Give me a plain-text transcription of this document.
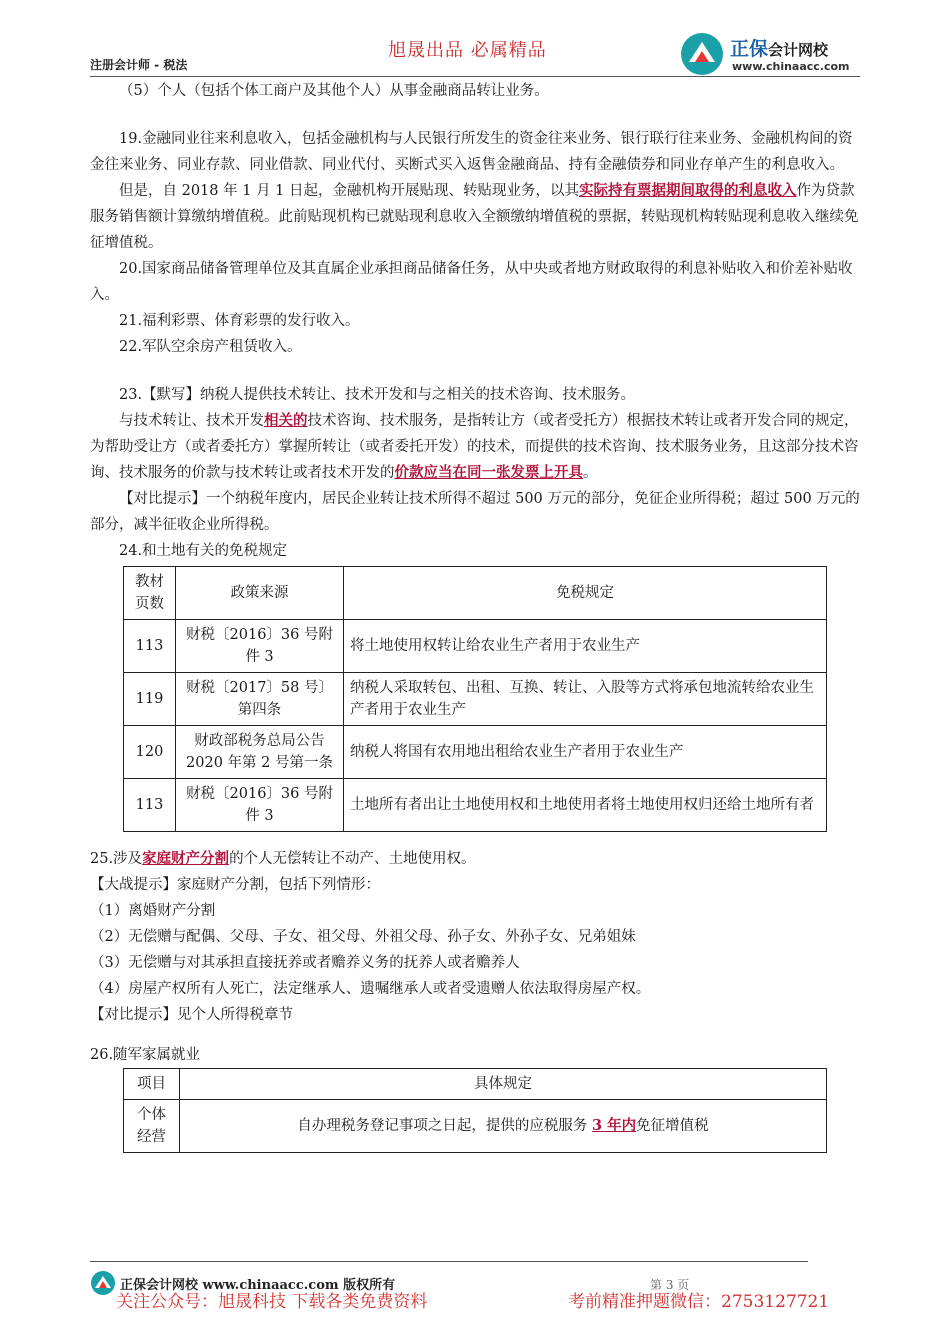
注册会计师 - 税法
旭晟出品 必属精品	正保会计网校
www.chinaacc.com

（5）个人（包括个体工商户及其他个人）从事金融商品转让业务。

19.金融同业往来利息收入，包括金融机构与人民银行所发生的资金往来业务、银行联行往来业务、金融机构间的资金往来业务、同业存款、同业借款、同业代付、买断式买入返售金融商品、持有金融债券和同业存单产生的利息收入。

但是，自 2018 年 1 月 1 日起，金融机构开展贴现、转贴现业务，以其实际持有票据期间取得的利息收入作为贷款服务销售额计算缴纳增值税。此前贴现机构已就贴现利息收入全额缴纳增值税的票据，转贴现机构转贴现利息收入继续免征增值税。

20.国家商品储备管理单位及其直属企业承担商品储备任务，从中央或者地方财政取得的利息补贴收入和价差补贴收入。

21.福利彩票、体育彩票的发行收入。

22.军队空余房产租赁收入。

23.【默写】纳税人提供技术转让、技术开发和与之相关的技术咨询、技术服务。

与技术转让、技术开发相关的技术咨询、技术服务，是指转让方（或者受托方）根据技术转让或者开发合同的规定，为帮助受让方（或者委托方）掌握所转让（或者委托开发）的技术，而提供的技术咨询、技术服务业务，且这部分技术咨询、技术服务的价款与技术转让或者技术开发的价款应当在同一张发票上开具。

【对比提示】一个纳税年度内，居民企业转让技术所得不超过 500 万元的部分，免征企业所得税；超过 500 万元的部分，减半征收企业所得税。

24.和土地有关的免税规定

教材页数	政策来源	免税规定
113	财税〔2016〕36 号附件 3	将土地使用权转让给农业生产者用于农业生产
119	财税〔2017〕58 号〕第四条	纳税人采取转包、出租、互换、转让、入股等方式将承包地流转给农业生产者用于农业生产
120	财政部税务总局公告 2020 年第 2 号第一条	纳税人将国有农用地出租给农业生产者用于农业生产
113	财税〔2016〕36 号附件 3	土地所有者出让土地使用权和土地使用者将土地使用权归还给土地所有者

25.涉及家庭财产分割的个人无偿转让不动产、土地使用权。

【大战提示】家庭财产分割，包括下列情形：

（1）离婚财产分割

（2）无偿赠与配偶、父母、子女、祖父母、外祖父母、孙子女、外孙子女、兄弟姐妹

（3）无偿赠与对其承担直接抚养或者赡养义务的抚养人或者赡养人

（4）房屋产权所有人死亡，法定继承人、遗嘱继承人或者受遗赠人依法取得房屋产权。

【对比提示】见个人所得税章节

26.随军家属就业

项目	具体规定
个体经营	自办理税务登记事项之日起，提供的应税服务 3 年内免征增值税
正保会计网校 www.chinaacc.com 版权所有	第 3 页
关注公众号：旭晟科技 下载各类免费资料	考前精准押题微信：2753127721
